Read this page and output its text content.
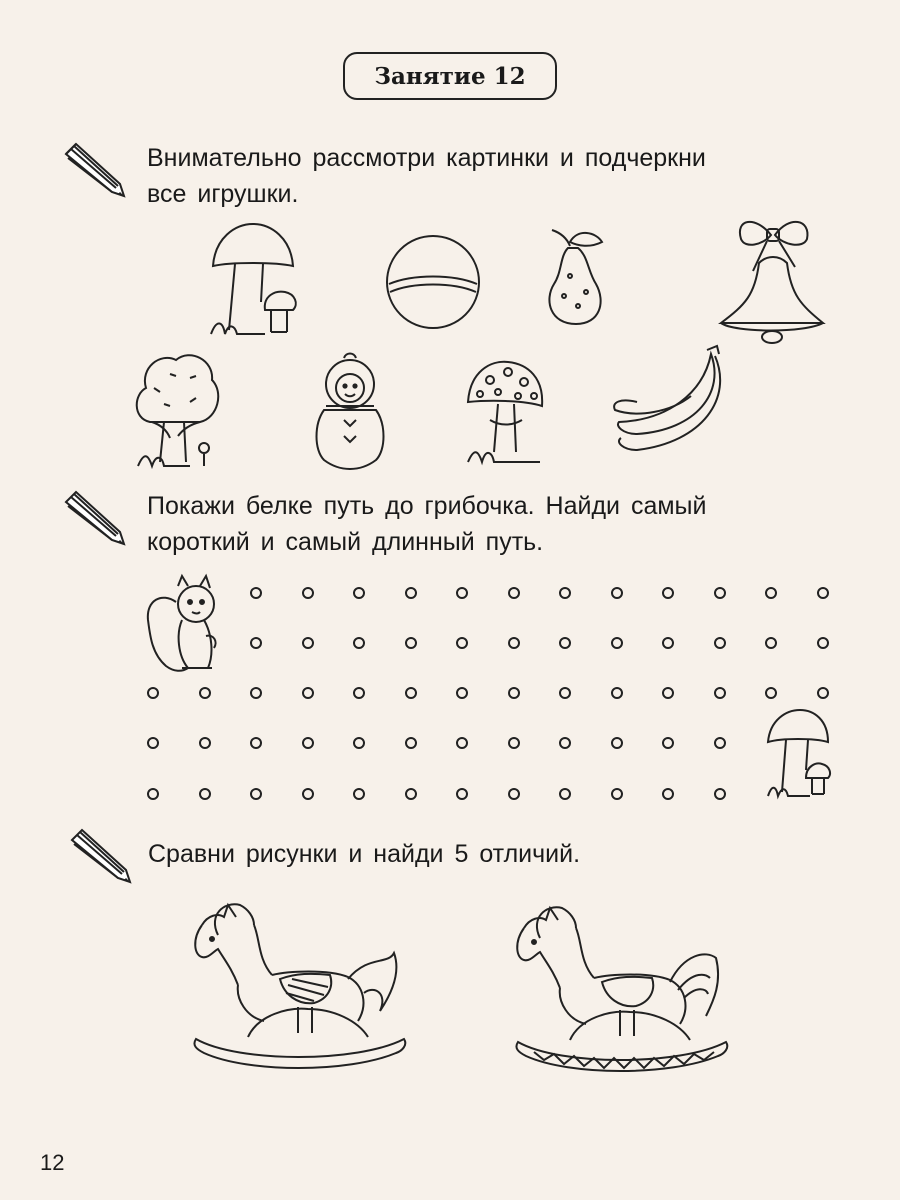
Занятие 12
Внимательно рассмотри картинки и подчеркни
все игрушки.
Покажи белке путь до грибочка. Найди самый
короткий и самый длинный путь.
Сравни рисунки и найди 5 отличий.
12
